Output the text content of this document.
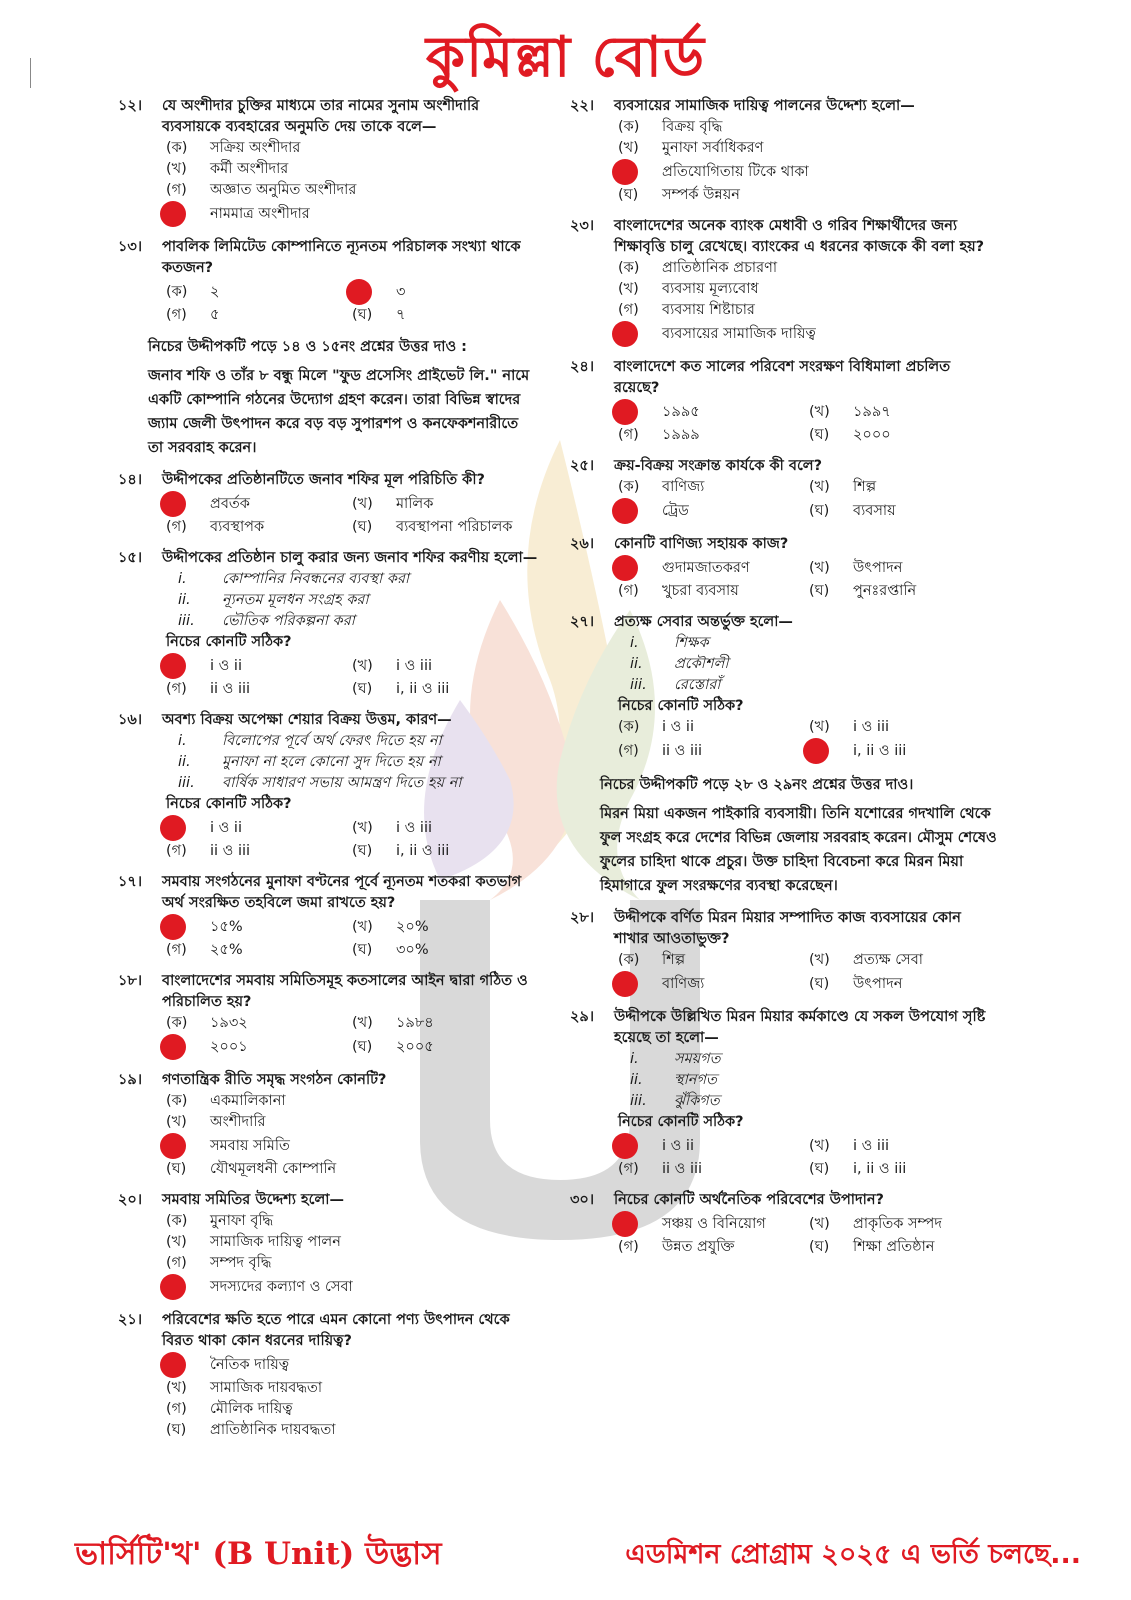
কুমিল্লা বোর্ড
১২।	যে অংশীদার চুক্তির মাধ্যমে তার নামের সুনাম অংশীদারি ব্যবসায়কে ব্যবহারের অনুমতি দেয় তাকে বলে—
(ক)	সক্রিয় অংশীদার
(খ)	কর্মী অংশীদার
(গ)	অজ্ঞাত অনুমিত অংশীদার
নামমাত্র অংশীদার
১৩।	পাবলিক লিমিটেড কোম্পানিতে ন্যূনতম পরিচালক সংখ্যা থাকে কতজন?
(ক)	২	৩
(গ)	৫	(ঘ)	৭
নিচের উদ্দীপকটি পড়ে ১৪ ও ১৫নং প্রশ্নের উত্তর দাও :
জনাব শফি ও তাঁর ৮ বন্ধু মিলে "ফুড প্রসেসিং প্রাইভেট লি." নামে একটি কোম্পানি গঠনের উদ্যোগ গ্রহণ করেন। তারা বিভিন্ন স্বাদের জ্যাম জেলী উৎপাদন করে বড় বড় সুপারশপ ও কনফেকশনারীতে তা সরবরাহ করেন।
১৪।	উদ্দীপকের প্রতিষ্ঠানটিতে জনাব শফির মূল পরিচিতি কী?
প্রবর্তক	(খ)	মালিক
(গ)	ব্যবস্থাপক	(ঘ)	ব্যবস্থাপনা পরিচালক
১৫।	উদ্দীপকের প্রতিষ্ঠান চালু করার জন্য জনাব শফির করণীয় হলো—
i.	কোম্পানির নিবন্ধনের ব্যবস্থা করা
ii.	ন্যূনতম মূলধন সংগ্রহ করা
iii.	ভৌতিক পরিকল্পনা করা
নিচের কোনটি সঠিক?
i ও ii	(খ)	i ও iii
(গ)	ii ও iii	(ঘ)	i, ii ও iii
১৬।	অবশ্য বিক্রয় অপেক্ষা শেয়ার বিক্রয় উত্তম, কারণ—
i.	বিলোপের পূর্বে অর্থ ফেরৎ দিতে হয় না
ii.	মুনাফা না হলে কোনো সুদ দিতে হয় না
iii.	বার্ষিক সাধারণ সভায় আমন্ত্রণ দিতে হয় না
নিচের কোনটি সঠিক?
i ও ii	(খ)	i ও iii
(গ)	ii ও iii	(ঘ)	i, ii ও iii
১৭।	সমবায় সংগঠনের মুনাফা বণ্টনের পূর্বে ন্যূনতম শতকরা কতভাগ অর্থ সংরক্ষিত তহবিলে জমা রাখতে হয়?
১৫%	(খ)	২০%
(গ)	২৫%	(ঘ)	৩০%
১৮।	বাংলাদেশের সমবায় সমিতিসমূহ কতসালের আইন দ্বারা গঠিত ও পরিচালিত হয়?
(ক)	১৯৩২	(খ)	১৯৮৪
২০০১	(ঘ)	২০০৫
১৯।	গণতান্ত্রিক রীতি সমৃদ্ধ সংগঠন কোনটি?
(ক)	একমালিকানা
(খ)	অংশীদারি
সমবায় সমিতি
(ঘ)	যৌথমূলধনী কোম্পানি
২০।	সমবায় সমিতির উদ্দেশ্য হলো—
(ক)	মুনাফা বৃদ্ধি
(খ)	সামাজিক দায়িত্ব পালন
(গ)	সম্পদ বৃদ্ধি
সদস্যদের কল্যাণ ও সেবা
২১।	পরিবেশের ক্ষতি হতে পারে এমন কোনো পণ্য উৎপাদন থেকে বিরত থাকা কোন ধরনের দায়িত্ব?
নৈতিক দায়িত্ব
(খ)	সামাজিক দায়বদ্ধতা
(গ)	মৌলিক দায়িত্ব
(ঘ)	প্রাতিষ্ঠানিক দায়বদ্ধতা
২২।	ব্যবসায়ের সামাজিক দায়িত্ব পালনের উদ্দেশ্য হলো—
(ক)	বিক্রয় বৃদ্ধি
(খ)	মুনাফা সর্বাধিকরণ
প্রতিযোগিতায় টিকে থাকা
(ঘ)	সম্পর্ক উন্নয়ন
২৩।	বাংলাদেশের অনেক ব্যাংক মেধাবী ও গরিব শিক্ষার্থীদের জন্য শিক্ষাবৃত্তি চালু রেখেছে। ব্যাংকের এ ধরনের কাজকে কী বলা হয়?
(ক)	প্রাতিষ্ঠানিক প্রচারণা
(খ)	ব্যবসায় মূল্যবোধ
(গ)	ব্যবসায় শিষ্টাচার
ব্যবসায়ের সামাজিক দায়িত্ব
২৪।	বাংলাদেশে কত সালের পরিবেশ সংরক্ষণ বিধিমালা প্রচলিত রয়েছে?
১৯৯৫	(খ)	১৯৯৭
(গ)	১৯৯৯	(ঘ)	২০০০
২৫।	ক্রয়-বিক্রয় সংক্রান্ত কার্যকে কী বলে?
(ক)	বাণিজ্য	(খ)	শিল্প
ট্রেড	(ঘ)	ব্যবসায়
২৬।	কোনটি বাণিজ্য সহায়ক কাজ?
গুদামজাতকরণ	(খ)	উৎপাদন
(গ)	খুচরা ব্যবসায়	(ঘ)	পুনঃরপ্তানি
২৭।	প্রত্যক্ষ সেবার অন্তর্ভুক্ত হলো—
i.	শিক্ষক
ii.	প্রকৌশলী
iii.	রেস্তোরাঁ
নিচের কোনটি সঠিক?
(ক)	i ও ii	(খ)	i ও iii
(গ)	ii ও iii	i, ii ও iii
নিচের উদ্দীপকটি পড়ে ২৮ ও ২৯নং প্রশ্নের উত্তর দাও।
মিরন মিয়া একজন পাইকারি ব্যবসায়ী। তিনি যশোরের গদখালি থেকে ফুল সংগ্রহ করে দেশের বিভিন্ন জেলায় সরবরাহ করেন। মৌসুম শেষেও ফুলের চাহিদা থাকে প্রচুর। উক্ত চাহিদা বিবেচনা করে মিরন মিয়া হিমাগারে ফুল সংরক্ষণের ব্যবস্থা করেছেন।
২৮।	উদ্দীপকে বর্ণিত মিরন মিয়ার সম্পাদিত কাজ ব্যবসায়ের কোন শাখার আওতাভুক্ত?
(ক)	শিল্প	(খ)	প্রত্যক্ষ সেবা
বাণিজ্য	(ঘ)	উৎপাদন
২৯।	উদ্দীপকে উল্লিখিত মিরন মিয়ার কর্মকাণ্ডে যে সকল উপযোগ সৃষ্টি হয়েছে তা হলো—
i.	সময়গত
ii.	স্থানগত
iii.	ঝুঁকিগত
নিচের কোনটি সঠিক?
i ও ii	(খ)	i ও iii
(গ)	ii ও iii	(ঘ)	i, ii ও iii
৩০।	নিচের কোনটি অর্থনৈতিক পরিবেশের উপাদান?
সঞ্চয় ও বিনিয়োগ	(খ)	প্রাকৃতিক সম্পদ
(গ)	উন্নত প্রযুক্তি	(ঘ)	শিক্ষা প্রতিষ্ঠান
ভার্সিটি'খ' (B Unit) উদ্ভাস	এডমিশন প্রোগ্রাম ২০২৫ এ ভর্তি চলছে...
